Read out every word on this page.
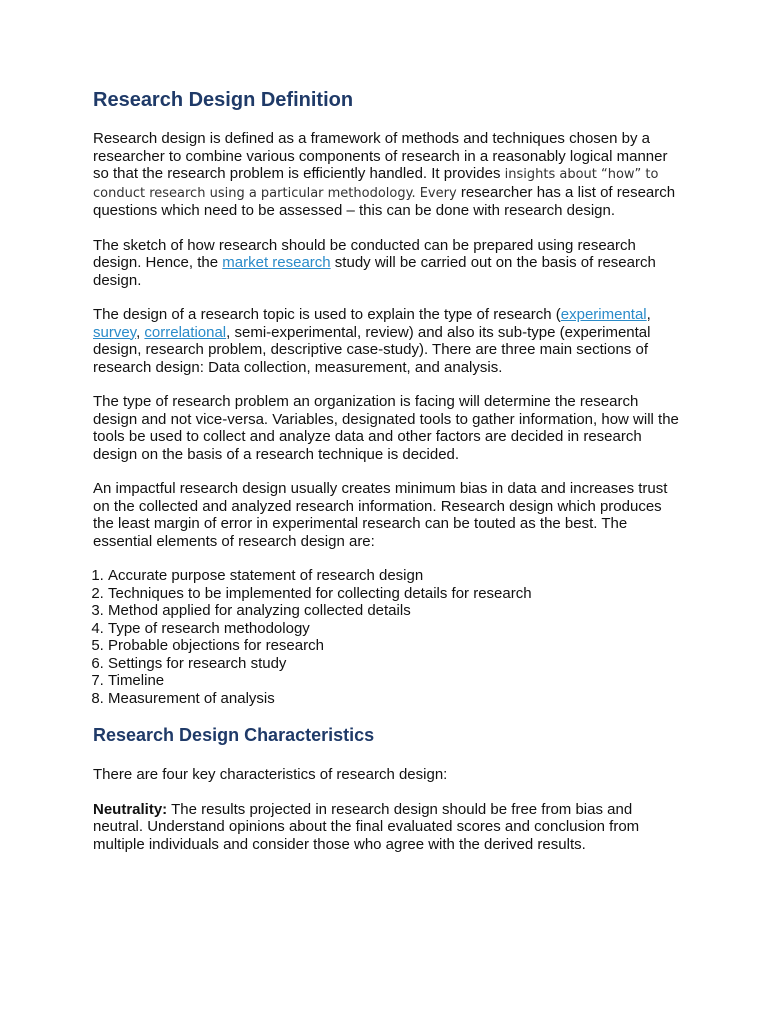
Research Design Definition

Research design is defined as a framework of methods and techniques chosen by a researcher to combine various components of research in a reasonably logical manner so that the research problem is efficiently handled. It provides insights about “how” to conduct research using a particular methodology. Every researcher has a list of research questions which need to be assessed – this can be done with research design.

The sketch of how research should be conducted can be prepared using research design. Hence, the market research study will be carried out on the basis of research design.

The design of a research topic is used to explain the type of research (experimental, survey, correlational, semi-experimental, review) and also its sub-type (experimental design, research problem, descriptive case-study). There are three main sections of research design: Data collection, measurement, and analysis.

The type of research problem an organization is facing will determine the research design and not vice-versa. Variables, designated tools to gather information, how will the tools be used to collect and analyze data and other factors are decided in research design on the basis of a research technique is decided.

An impactful research design usually creates minimum bias in data and increases trust on the collected and analyzed research information. Research design which produces the least margin of error in experimental research can be touted as the best. The essential elements of research design are:

1. Accurate purpose statement of research design
2. Techniques to be implemented for collecting details for research
3. Method applied for analyzing collected details
4. Type of research methodology
5. Probable objections for research
6. Settings for research study
7. Timeline
8. Measurement of analysis
Research Design Characteristics

There are four key characteristics of research design:

Neutrality: The results projected in research design should be free from bias and neutral. Understand opinions about the final evaluated scores and conclusion from multiple individuals and consider those who agree with the derived results.
